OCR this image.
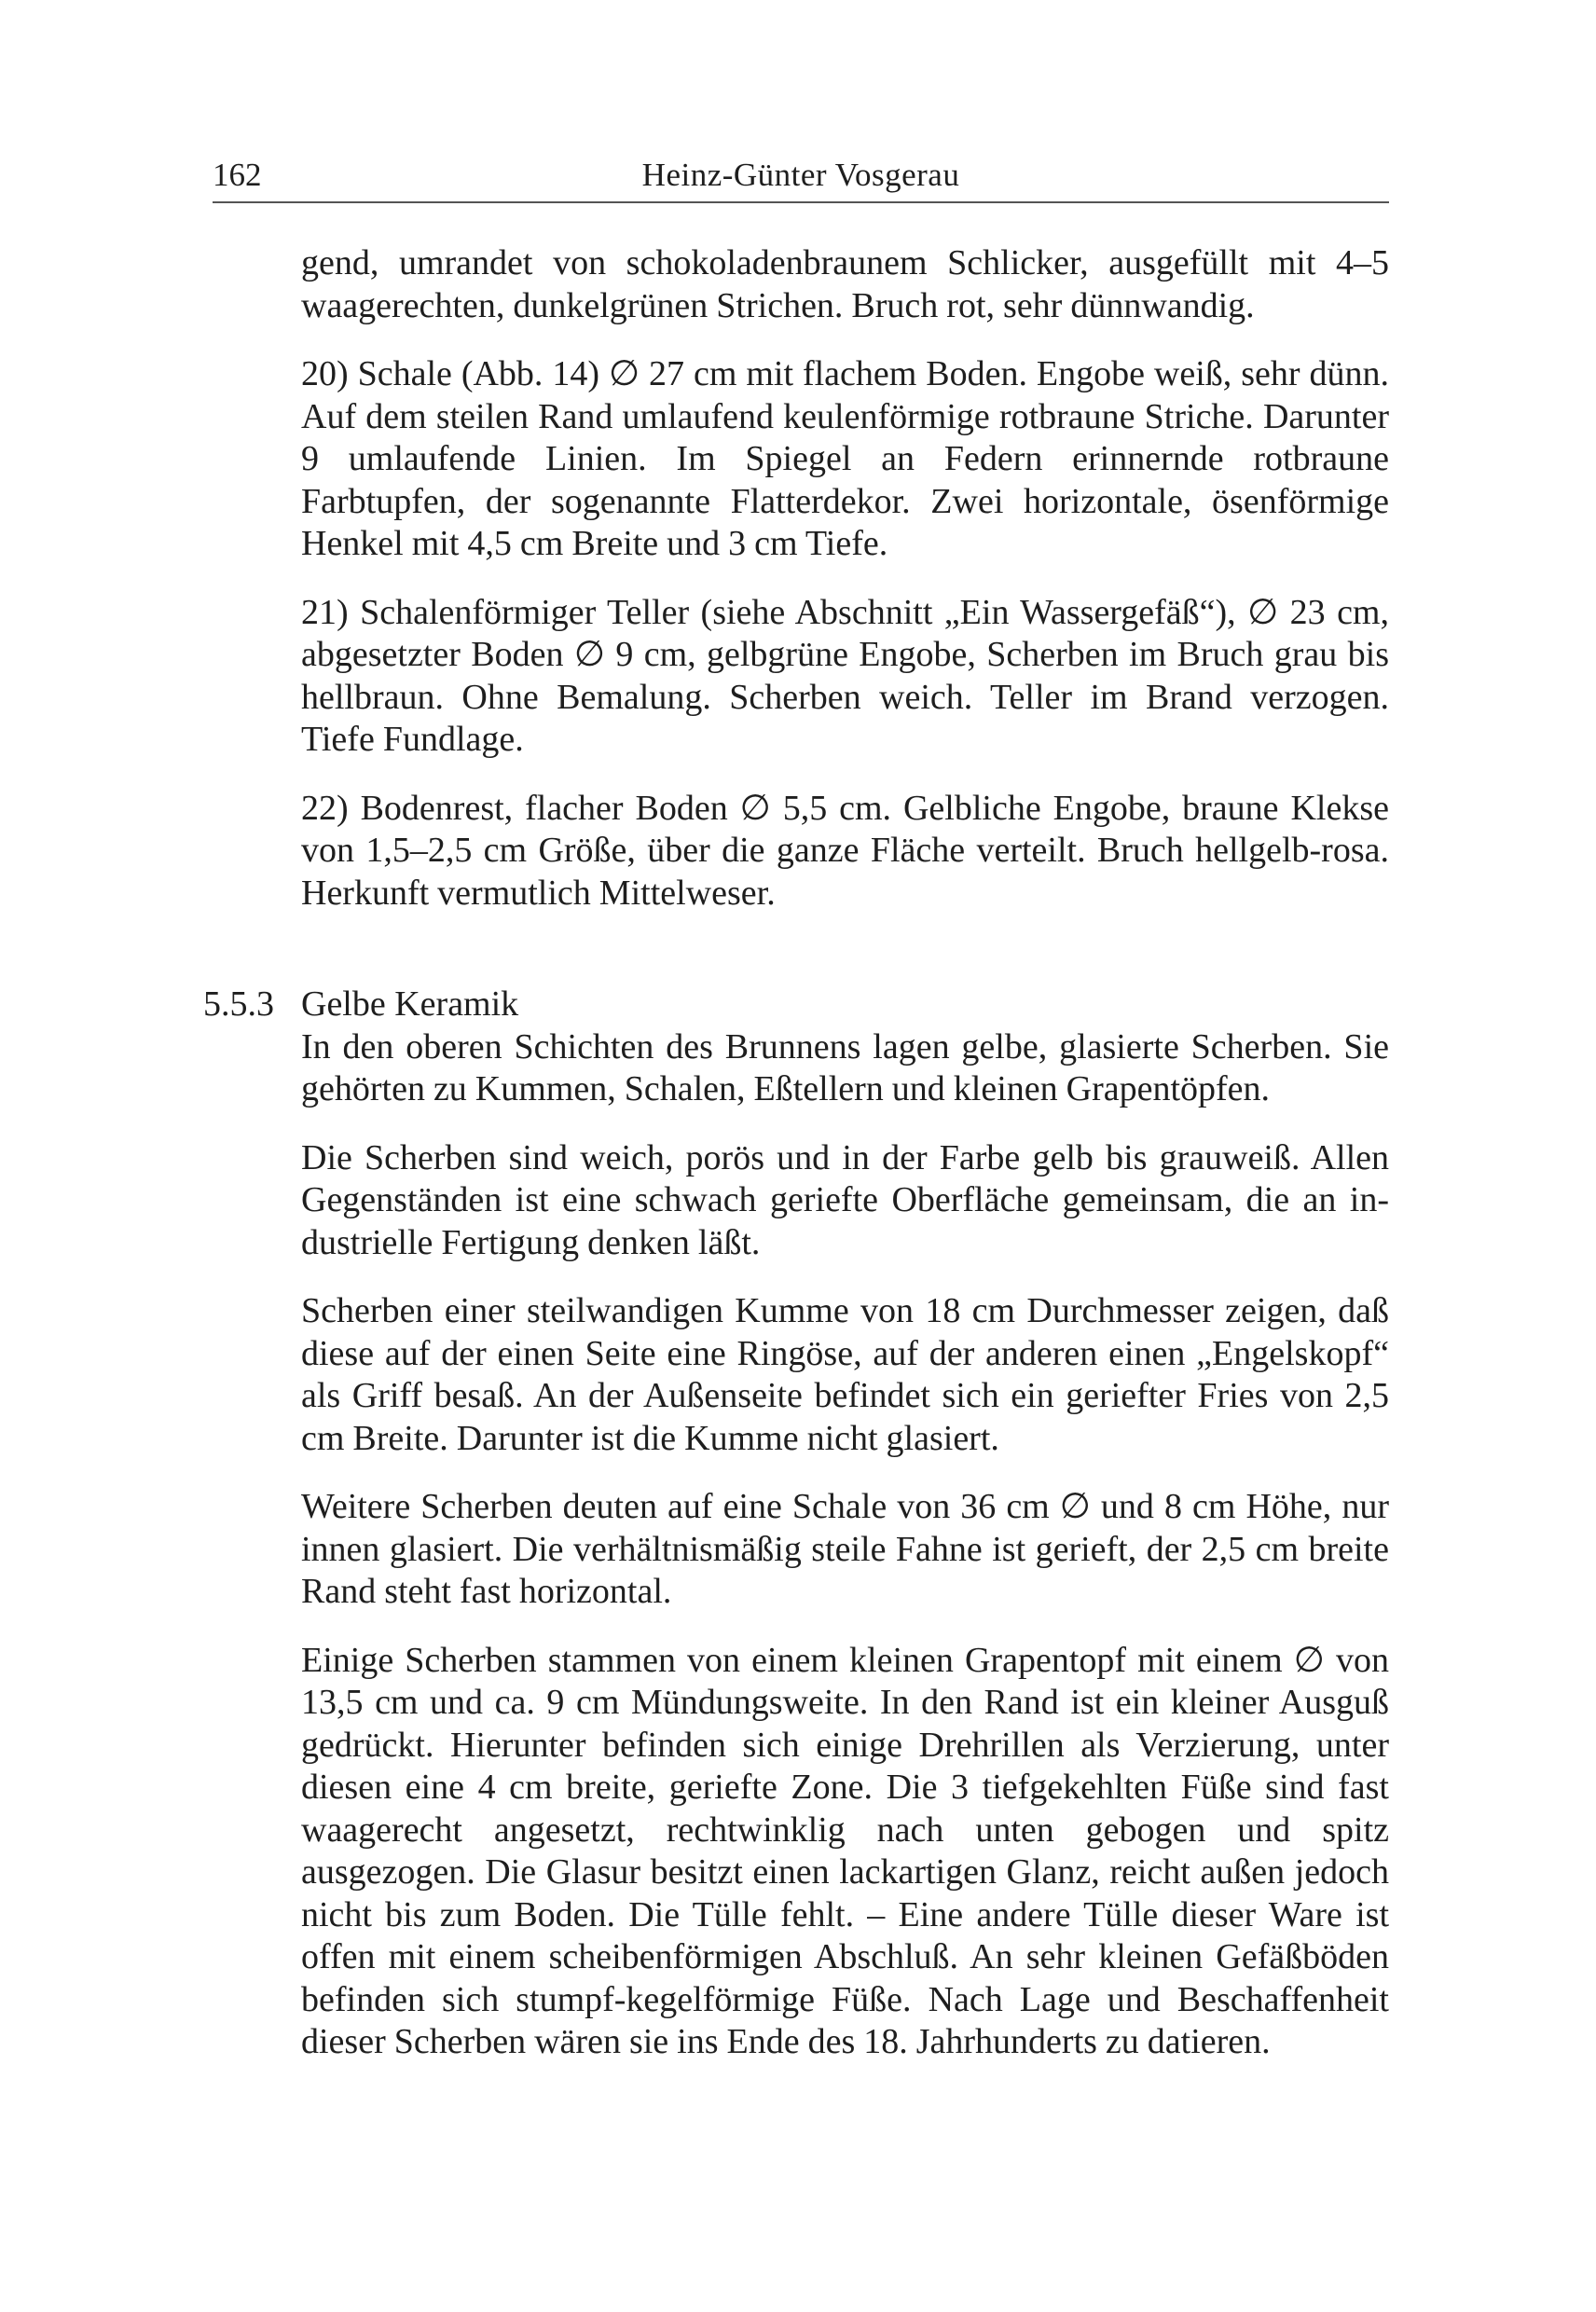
162	Heinz-Günter Vosgerau

gend, umrandet von schokoladenbraunem Schlicker, ausgefüllt mit 4–5 waagerechten, dunkelgrünen Strichen. Bruch rot, sehr dünnwandig.

20) Schale (Abb. 14) ∅ 27 cm mit flachem Boden. Engobe weiß, sehr dünn. Auf dem steilen Rand umlaufend keulenförmige rotbraune Striche. Darunter 9 umlaufende Linien. Im Spiegel an Federn erinnernde rotbraune Farbtupfen, der sogenannte Flatterdekor. Zwei horizontale, ösenförmige Henkel mit 4,5 cm Breite und 3 cm Tiefe.

21) Schalenförmiger Teller (siehe Abschnitt „Ein Wassergefäß“), ∅ 23 cm, abgesetzter Boden ∅ 9 cm, gelbgrüne Engobe, Scherben im Bruch grau bis hellbraun. Ohne Bemalung. Scherben weich. Teller im Brand verzogen. Tiefe Fundlage.

22) Bodenrest, flacher Boden ∅ 5,5 cm. Gelbliche Engobe, braune Klekse von 1,5–2,5 cm Größe, über die ganze Fläche verteilt. Bruch hellgelb-rosa. Herkunft vermutlich Mittelweser.

5.5.3 Gelbe Keramik

In den oberen Schichten des Brunnens lagen gelbe, glasierte Scherben. Sie gehörten zu Kummen, Schalen, Eßtellern und kleinen Grapentöpfen.

Die Scherben sind weich, porös und in der Farbe gelb bis grauweiß. Allen Gegenständen ist eine schwach geriefte Oberfläche gemeinsam, die an industrielle Fertigung denken läßt.

Scherben einer steilwandigen Kumme von 18 cm Durchmesser zeigen, daß diese auf der einen Seite eine Ringöse, auf der anderen einen „Engelskopf“ als Griff besaß. An der Außenseite befindet sich ein geriefter Fries von 2,5 cm Breite. Darunter ist die Kumme nicht glasiert.

Weitere Scherben deuten auf eine Schale von 36 cm ∅ und 8 cm Höhe, nur innen glasiert. Die verhältnismäßig steile Fahne ist gerieft, der 2,5 cm breite Rand steht fast horizontal.

Einige Scherben stammen von einem kleinen Grapentopf mit einem ∅ von 13,5 cm und ca. 9 cm Mündungsweite. In den Rand ist ein kleiner Ausguß gedrückt. Hierunter befinden sich einige Drehrillen als Verzierung, unter diesen eine 4 cm breite, geriefte Zone. Die 3 tiefgekehlten Füße sind fast waagerecht angesetzt, rechtwinklig nach unten gebogen und spitz ausgezogen. Die Glasur besitzt einen lackartigen Glanz, reicht außen jedoch nicht bis zum Boden. Die Tülle fehlt. – Eine andere Tülle dieser Ware ist offen mit einem scheibenförmigen Abschluß. An sehr kleinen Gefäßböden befinden sich stumpf-kegelförmige Füße. Nach Lage und Beschaffenheit dieser Scherben wären sie ins Ende des 18. Jahrhunderts zu datieren.
